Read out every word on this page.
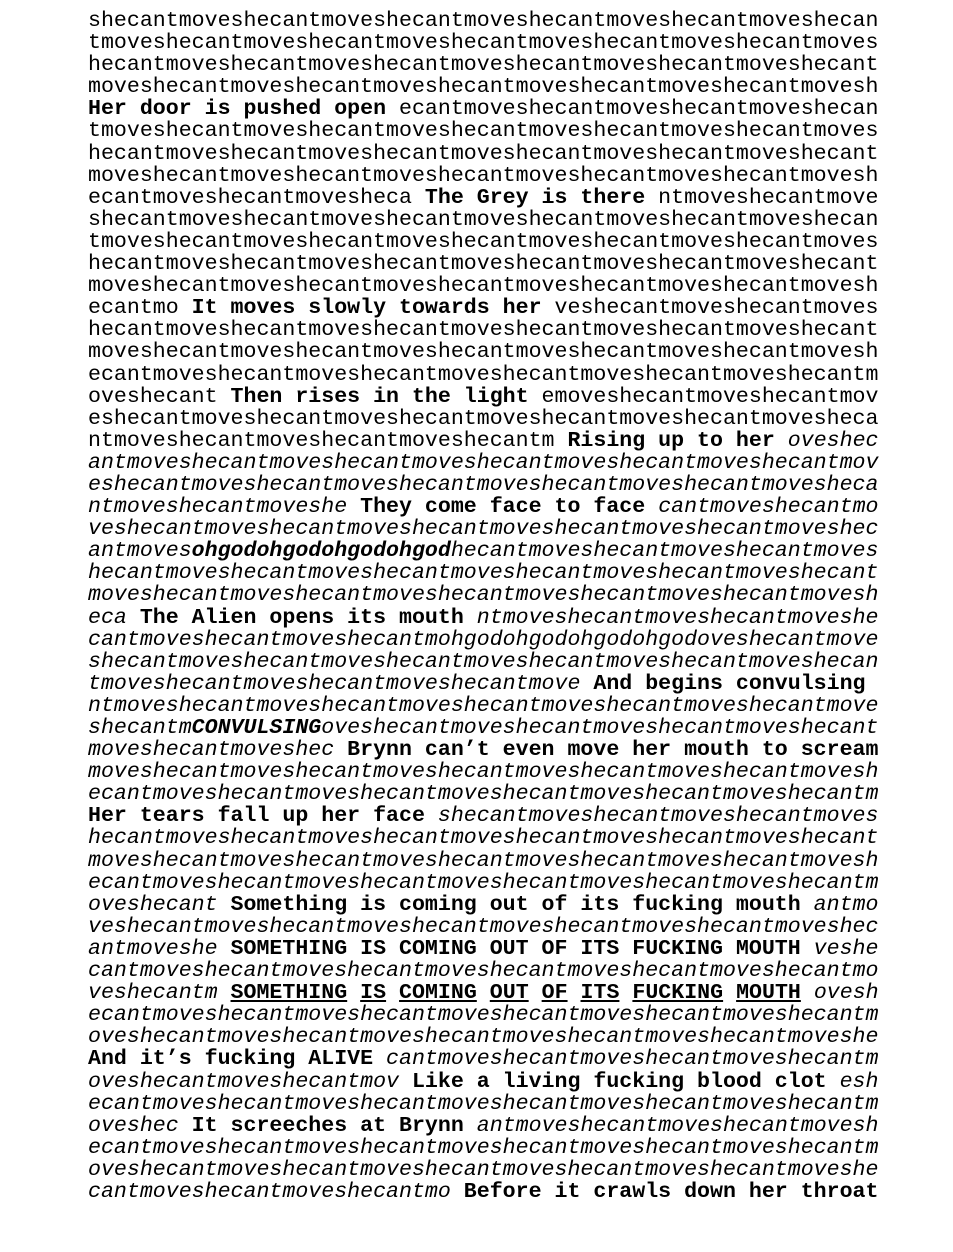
shecantmoveshecantmoveshecantmoveshecantmoveshecantmoveshecan
tmoveshecantmoveshecantmoveshecantmoveshecantmoveshecantmoves
hecantmoveshecantmoveshecantmoveshecantmoveshecantmoveshecant
moveshecantmoveshecantmoveshecantmoveshecantmoveshecantmovesh
Her door is pushed open ecantmoveshecantmoveshecantmoveshecan
tmoveshecantmoveshecantmoveshecantmoveshecantmoveshecantmoves
hecantmoveshecantmoveshecantmoveshecantmoveshecantmoveshecant
moveshecantmoveshecantmoveshecantmoveshecantmoveshecantmovesh
ecantmoveshecantmovesheca The Grey is there ntmoveshecantmove
shecantmoveshecantmoveshecantmoveshecantmoveshecantmoveshecan
tmoveshecantmoveshecantmoveshecantmoveshecantmoveshecantmoves
hecantmoveshecantmoveshecantmoveshecantmoveshecantmoveshecant
moveshecantmoveshecantmoveshecantmoveshecantmoveshecantmovesh
ecantmo It moves slowly towards her veshecantmoveshecantmoves
hecantmoveshecantmoveshecantmoveshecantmoveshecantmoveshecant
moveshecantmoveshecantmoveshecantmoveshecantmoveshecantmovesh
ecantmoveshecantmoveshecantmoveshecantmoveshecantmoveshecantm
oveshecant Then rises in the light emoveshecantmoveshecantmov
eshecantmoveshecantmoveshecantmoveshecantmoveshecantmovesheca
ntmoveshecantmoveshecantmoveshecantm Rising up to her oveshec
antmoveshecantmoveshecantmoveshecantmoveshecantmoveshecantmov
eshecantmoveshecantmoveshecantmoveshecantmoveshecantmovesheca
ntmoveshecantmoveshe They come face to face cantmoveshecantmo
veshecantmoveshecantmoveshecantmoveshecantmoveshecantmoveshec
antmovesohgodohgodohgodohgodhecantmoveshecantmoveshecantmoves
hecantmoveshecantmoveshecantmoveshecantmoveshecantmoveshecant
moveshecantmoveshecantmoveshecantmoveshecantmoveshecantmovesh
eca The Alien opens its mouth ntmoveshecantmoveshecantmoveshe
cantmoveshecantmoveshecantmohgodohgodohgodohgodoveshecantmove
shecantmoveshecantmoveshecantmoveshecantmoveshecantmoveshecan
tmoveshecantmoveshecantmoveshecantmove And begins convulsing
ntmoveshecantmoveshecantmoveshecantmoveshecantmoveshecantmove
shecantmCONVULSINGoveshecantmoveshecantmoveshecantmoveshecant
moveshecantmoveshec Brynn can’t even move her mouth to scream
moveshecantmoveshecantmoveshecantmoveshecantmoveshecantmovesh
ecantmoveshecantmoveshecantmoveshecantmoveshecantmoveshecantm
Her tears fall up her face shecantmoveshecantmoveshecantmoves
hecantmoveshecantmoveshecantmoveshecantmoveshecantmoveshecant
moveshecantmoveshecantmoveshecantmoveshecantmoveshecantmovesh
ecantmoveshecantmoveshecantmoveshecantmoveshecantmoveshecantm
oveshecant Something is coming out of its fucking mouth antmo
veshecantmoveshecantmoveshecantmoveshecantmoveshecantmoveshec
antmoveshe SOMETHING IS COMING OUT OF ITS FUCKING MOUTH veshe
cantmoveshecantmoveshecantmoveshecantmoveshecantmoveshecantmo
veshecantm SOMETHING IS COMING OUT OF ITS FUCKING MOUTH ovesh
ecantmoveshecantmoveshecantmoveshecantmoveshecantmoveshecantm
oveshecantmoveshecantmoveshecantmoveshecantmoveshecantmoveshe
And it’s fucking ALIVE cantmoveshecantmoveshecantmoveshecantm
oveshecantmoveshecantmov Like a living fucking blood clot esh
ecantmoveshecantmoveshecantmoveshecantmoveshecantmoveshecantm
oveshec It screeches at Brynn antmoveshecantmoveshecantmovesh
ecantmoveshecantmoveshecantmoveshecantmoveshecantmoveshecantm
oveshecantmoveshecantmoveshecantmoveshecantmoveshecantmoveshe
cantmoveshecantmoveshecantmo Before it crawls down her throat
